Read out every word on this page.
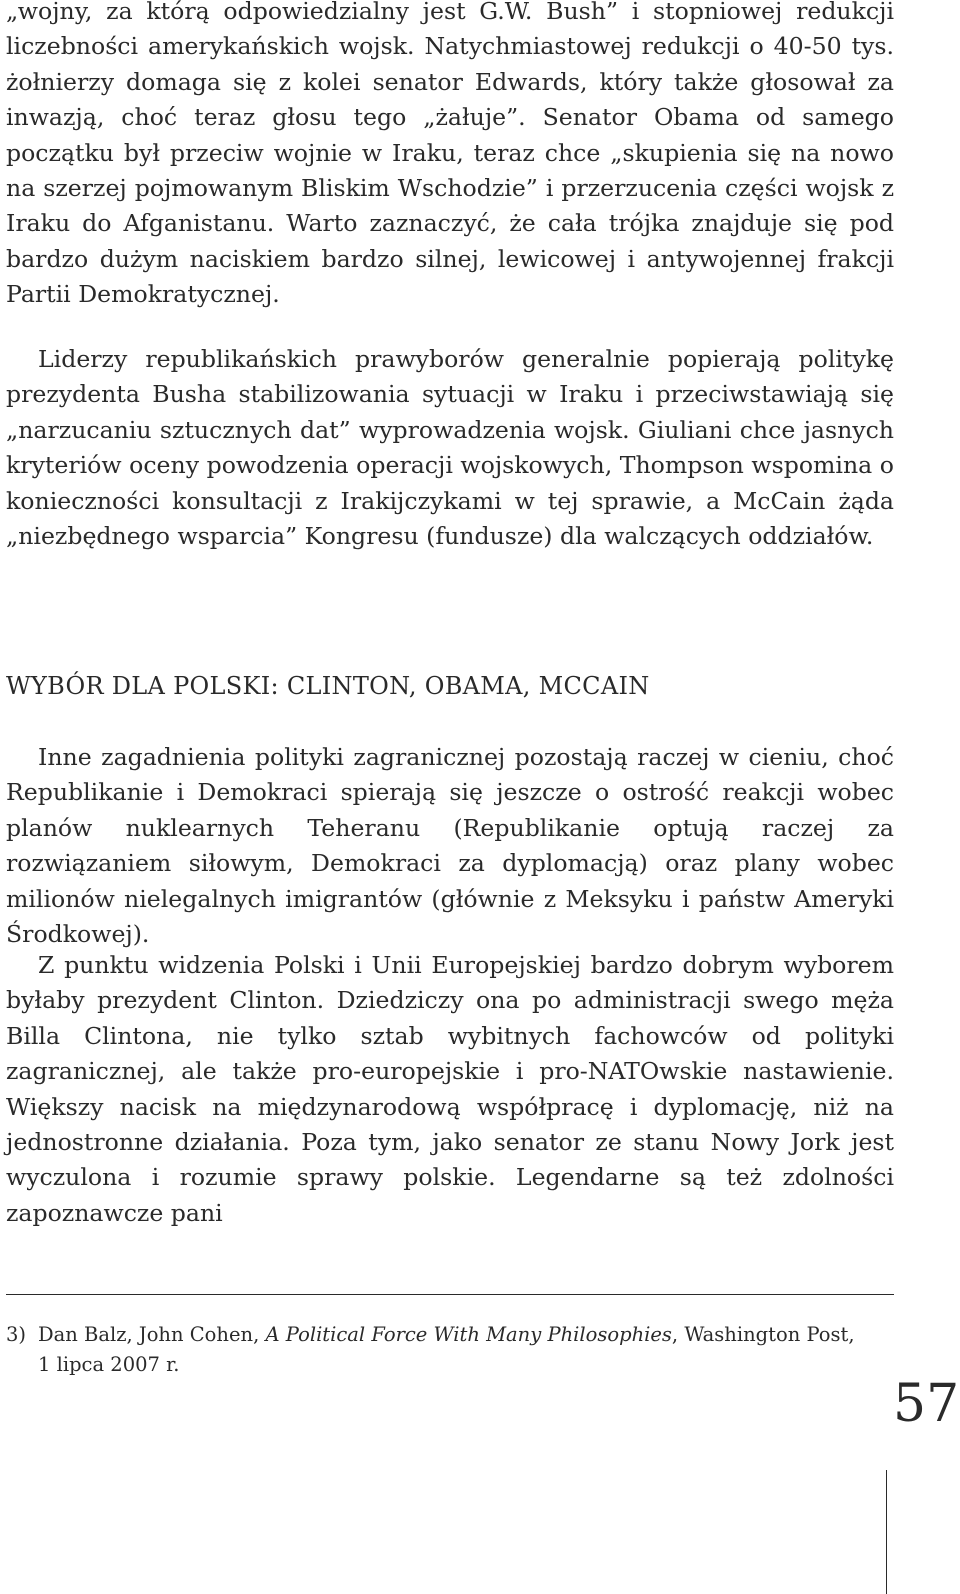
„wojny, za którą odpowiedzialny jest G.W. Bush” i stopniowej redukcji liczebności amerykańskich wojsk. Natychmiastowej redukcji o 40-50 tys. żołnierzy domaga się z kolei senator Edwards, który także głosował za inwazją, choć teraz głosu tego „żałuje”. Senator Obama od samego początku był przeciw wojnie w Iraku, teraz chce „skupienia się na nowo na szerzej pojmowanym Bliskim Wschodzie” i przerzucenia części wojsk z Iraku do Afganistanu. Warto zaznaczyć, że cała trójka znajduje się pod bardzo dużym naciskiem bardzo silnej, lewicowej i antywojennej frakcji Partii Demokratycznej.

Liderzy republikańskich prawyborów generalnie popierają politykę prezydenta Busha stabilizowania sytuacji w Iraku i przeciwstawiają się „narzucaniu sztucznych dat” wyprowadzenia wojsk. Giuliani chce jasnych kryteriów oceny powodzenia operacji wojskowych, Thompson wspomina o konieczności konsultacji z Irakijczykami w tej sprawie, a McCain żąda „niezbędnego wsparcia” Kongresu (fundusze) dla walczących oddziałów.

WYBÓR DLA POLSKI: CLINTON, OBAMA, MCCAIN

Inne zagadnienia polityki zagranicznej pozostają raczej w cieniu, choć Republikanie i Demokraci spierają się jeszcze o ostrość reakcji wobec planów nuklearnych Teheranu (Republikanie optują raczej za rozwiązaniem siłowym, Demokraci za dyplomacją) oraz plany wobec milionów nielegalnych imigrantów (głównie z Meksyku i państw Ameryki Środkowej).

Z punktu widzenia Polski i Unii Europejskiej bardzo dobrym wyborem byłaby prezydent Clinton. Dziedziczy ona po administracji swego męża Billa Clintona, nie tylko sztab wybitnych fachowców od polityki zagranicznej, ale także pro-europejskie i pro-NATOwskie nastawienie. Większy nacisk na międzynarodową współpracę i dyplomację, niż na jednostronne działania. Poza tym, jako senator ze stanu Nowy Jork jest wyczulona i rozumie sprawy polskie. Legendarne są też zdolności zapoznawcze pani

3) Dan Balz, John Cohen, A Political Force With Many Philosophies, Washington Post,
1 lipca 2007 r.
57
